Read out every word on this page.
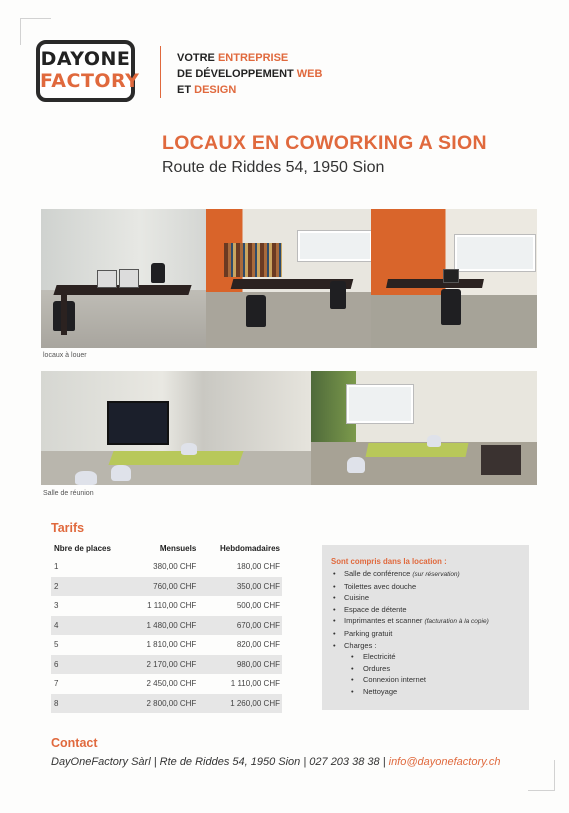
DAYONE
FACTORY
VOTRE ENTREPRISE
DE DÉVELOPPEMENT WEB
ET DESIGN
LOCAUX EN COWORKING A SION
Route de Riddes 54, 1950 Sion
locaux à louer
Salle de réunion
Tarifs
Nbre de places	Mensuels	Hebdomadaires
1	380,00 CHF	180,00 CHF
2	760,00 CHF	350,00 CHF
3	1 110,00 CHF	500,00 CHF
4	1 480,00 CHF	670,00 CHF
5	1 810,00 CHF	820,00 CHF
6	2 170,00 CHF	980,00 CHF
7	2 450,00 CHF	1 110,00 CHF
8	2 800,00 CHF	1 260,00 CHF
Sont compris dans la location :
• Salle de conférence (sur réservation)
• Toilettes avec douche
• Cuisine
• Espace de détente
• Imprimantes et scanner (facturation à la copie)
• Parking gratuit
• Charges :
• Electricité
• Ordures
• Connexion internet
• Nettoyage
Contact
DayOneFactory Sàrl | Rte de Riddes 54, 1950 Sion | 027 203 38 38 | info@dayonefactory.ch
